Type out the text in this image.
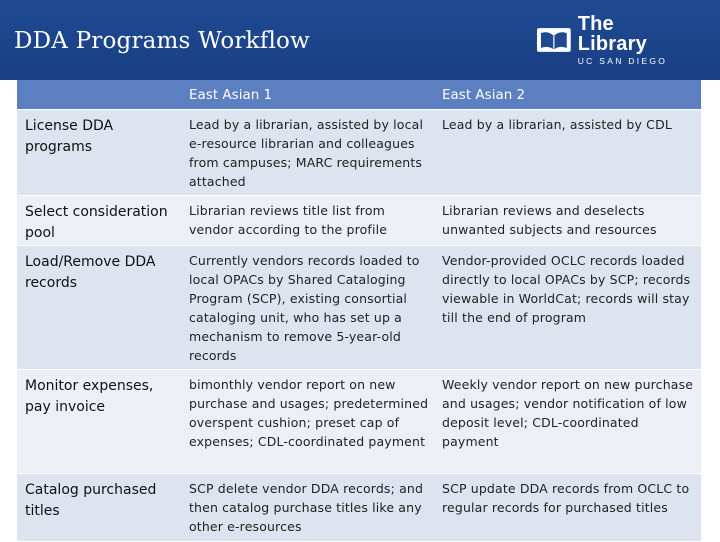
DDA Programs Workflow
The Library
UC SAN DIEGO

	East Asian 1	East Asian 2

License DDA programs	Lead by a librarian, assisted by local e-resource librarian and colleagues from campuses; MARC requirements attached	Lead by a librarian, assisted by CDL
Select consideration pool	Librarian reviews title list from vendor according to the profile	Librarian reviews and deselects unwanted subjects and resources
Load/Remove DDA records	Currently vendors records loaded to local OPACs by Shared Cataloging Program (SCP), existing consortial cataloging unit, who has set up a mechanism to remove 5-year-old records	Vendor-provided OCLC records loaded directly to local OPACs by SCP; records viewable in WorldCat; records will stay till the end of program
Monitor expenses, pay invoice	bimonthly vendor report on new purchase and usages; predetermined overspent cushion; preset cap of expenses; CDL-coordinated payment	Weekly vendor report on new purchase and usages; vendor notification of low deposit level; CDL-coordinated payment
Catalog purchased titles	SCP delete vendor DDA records; and then catalog purchase titles like any other e-resources	SCP update DDA records from OCLC to regular records for purchased titles
